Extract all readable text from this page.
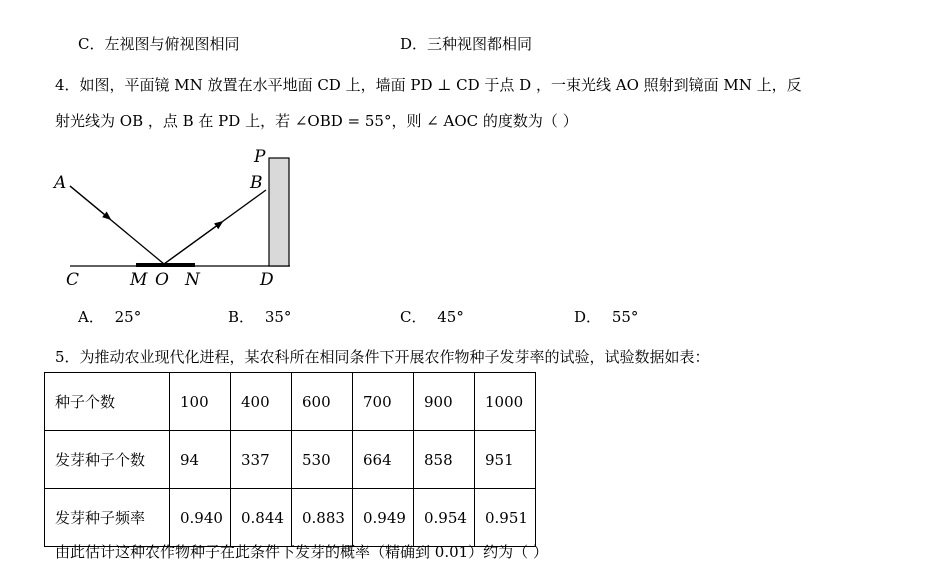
C．左视图与俯视图相同	D．三种视图都相同
4．如图，平面镜 MN 放置在水平地面 CD 上，墙面 PD ⊥ CD 于点 D ，一束光线 AO 照射到镜面 MN 上，反
射光线为 OB ，点 B 在 PD 上，若 ∠OBD = 55°，则 ∠ AOC 的度数为（ ）
A	B
P
C	M O N	D
A． 25°	B． 35°	C． 45°	D． 55°
5．为推动农业现代化进程，某农科所在相同条件下开展农作物种子发芽率的试验，试验数据如表：
种子个数	100	400	600	700	900	1000
发芽种子个数	94	337	530	664	858	951
发芽种子频率	0.940	0.844	0.883	0.949	0.954	0.951
由此估计这种农作物种子在此条件下发芽的概率（精确到 0.01）约为（ ）
